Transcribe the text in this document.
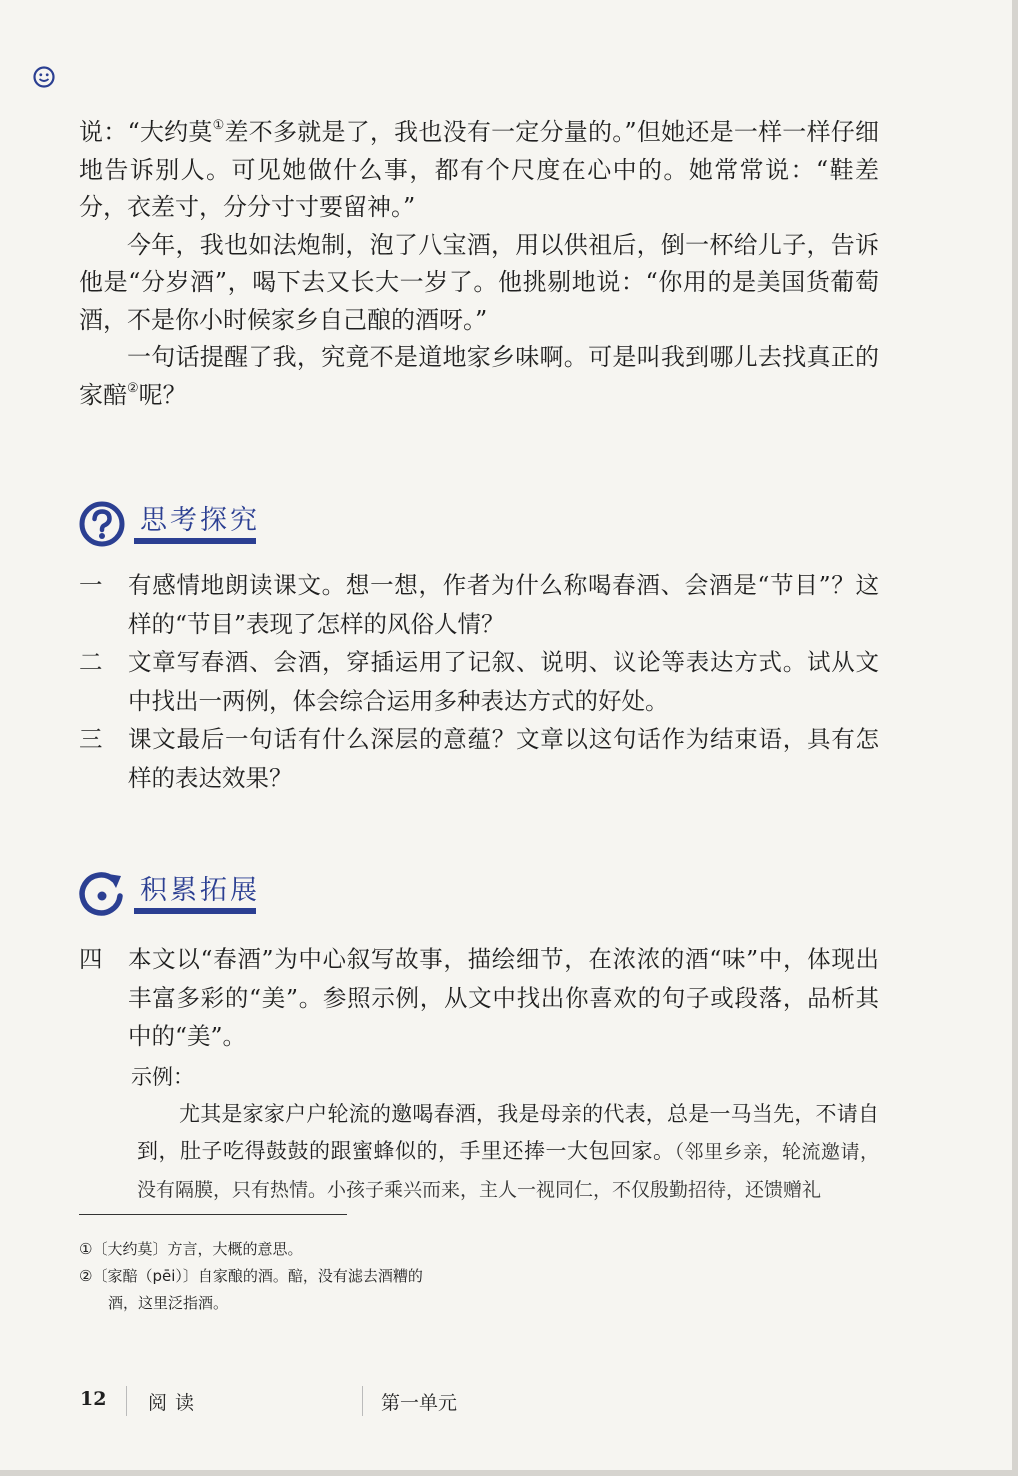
说：“大约莫①差不多就是了，我也没有一定分量的。”但她还是一样一样仔细地告诉别人。可见她做什么事，都有个尺度在心中的。她常常说：“鞋差分，衣差寸，分分寸寸要留神。”

今年，我也如法炮制，泡了八宝酒，用以供祖后，倒一杯给儿子，告诉他是“分岁酒”，喝下去又长大一岁了。他挑剔地说：“你用的是美国货葡萄酒，不是你小时候家乡自己酿的酒呀。”

一句话提醒了我，究竟不是道地家乡味啊。可是叫我到哪儿去找真正的家醅②呢？

思考探究

一 有感情地朗读课文。想一想，作者为什么称喝春酒、会酒是“节目”？这样的“节目”表现了怎样的风俗人情？

二 文章写春酒、会酒，穿插运用了记叙、说明、议论等表达方式。试从文中找出一两例，体会综合运用多种表达方式的好处。

三 课文最后一句话有什么深层的意蕴？文章以这句话作为结束语，具有怎样的表达效果？

积累拓展

四 本文以“春酒”为中心叙写故事，描绘细节，在浓浓的酒“味”中，体现出丰富多彩的“美”。参照示例，从文中找出你喜欢的句子或段落，品析其中的“美”。

示例：

尤其是家家户户轮流的邀喝春酒，我是母亲的代表，总是一马当先，不请自到，肚子吃得鼓鼓的跟蜜蜂似的，手里还捧一大包回家。（邻里乡亲，轮流邀请，没有隔膜，只有热情。小孩子乘兴而来，主人一视同仁，不仅殷勤招待，还馈赠礼

①〔大约莫〕方言，大概的意思。

②〔家醅（pēi）〕自家酿的酒。醅，没有滤去酒糟的

酒，这里泛指酒。

12 阅读	第一单元
